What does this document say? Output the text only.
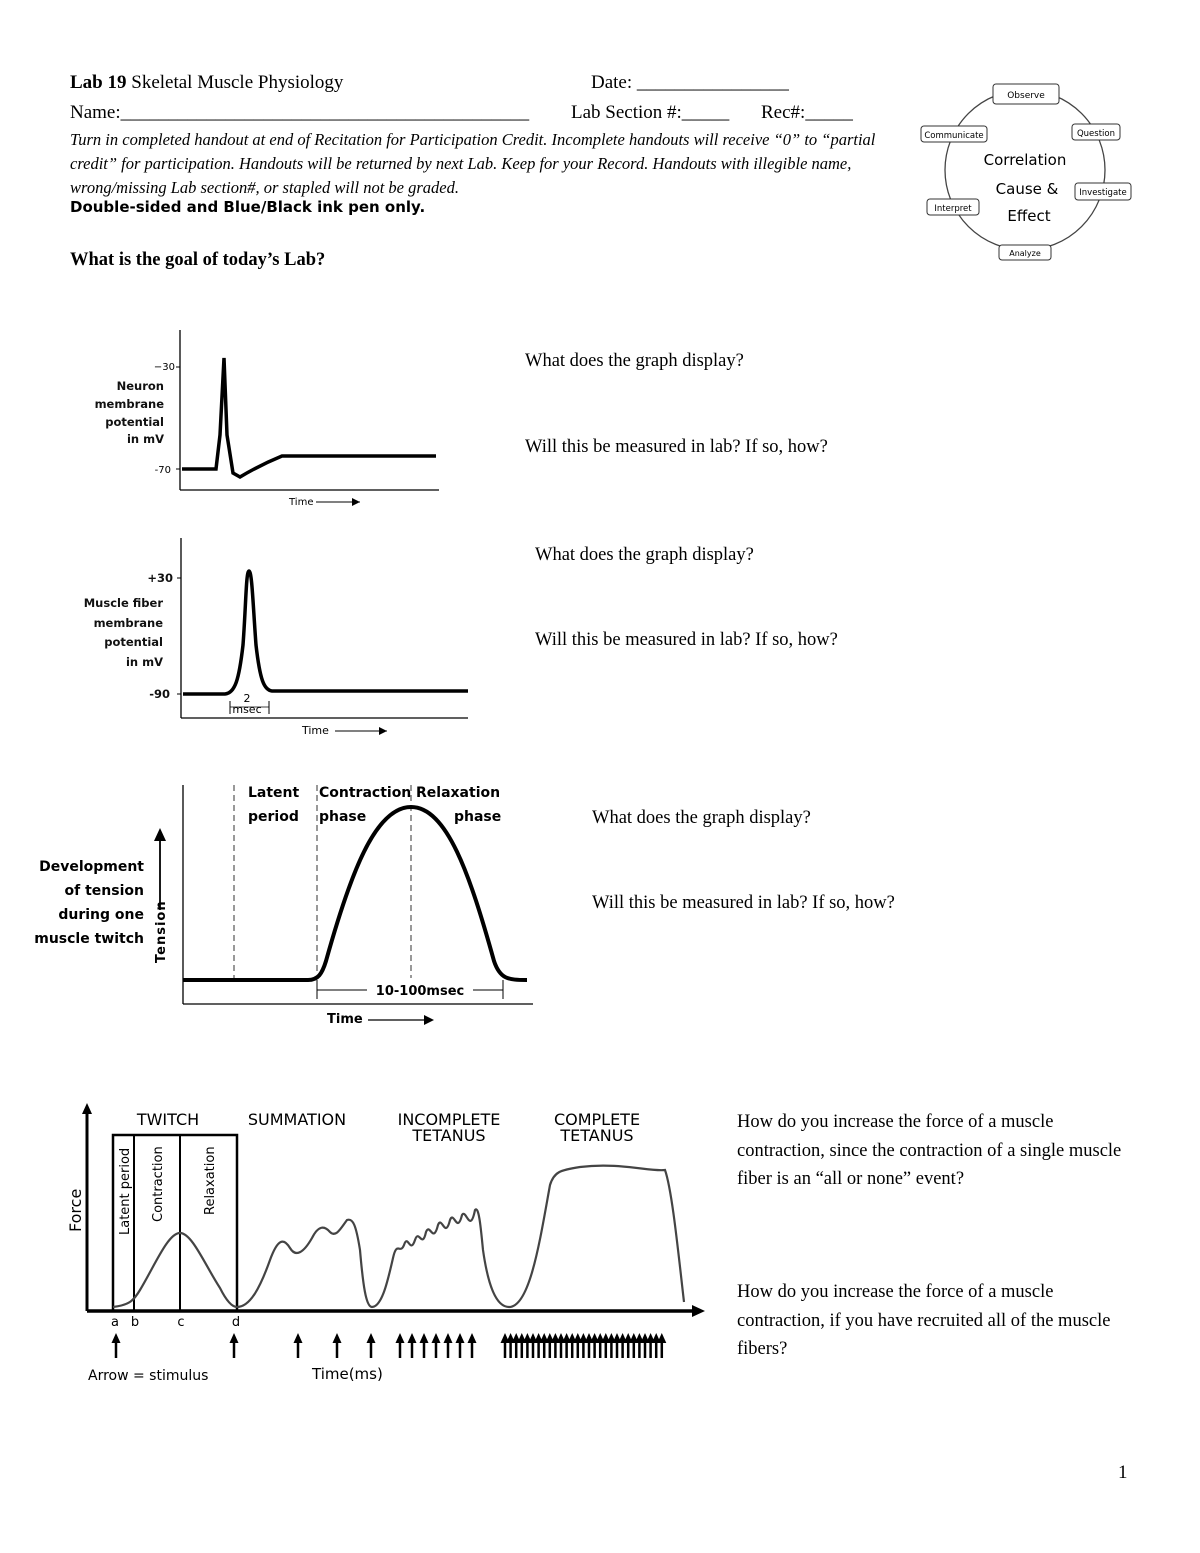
Lab 19 Skeletal Muscle Physiology	Date: ________________
Name:___________________________________________ Lab Section #:_____ Rec#:_____
Turn in completed handout at end of Recitation for Participation Credit. Incomplete handouts will receive “0” to “partial credit” for participation. Handouts will be returned by next Lab. Keep for your Record. Handouts with illegible name, wrong/missing Lab section#, or stapled will not be graded.
Double-sided and Blue/Black ink pen only.
What is the goal of today’s Lab?
Observe
Question
Investigate
Analyze
Interpret
Communicate
Correlation
Cause &
Effect
−30
-70
Neuron
membrane
potential
in mV
Time
+30
-90
Muscle fiber
membrane
potential
in mV
2
msec
Time
Latent
period
Contraction
phase
Relaxation
phase
Development
of tension
during one
muscle twitch Tension
10-100msec
Time
Force	Latent period Contraction	Relaxation
TWITCH	SUMMATION	INCOMPLETE
TETANUS
COMPLETE
TETANUS
a b	c	d
Arrow = stimulus	Time(ms)
What does the graph display?
Will this be measured in lab? If so, how?
What does the graph display?
Will this be measured in lab? If so, how?
What does the graph display?
Will this be measured in lab? If so, how?
How do you increase the force of a muscle contraction, since the contraction of a single muscle fiber is an “all or none” event?
How do you increase the force of a muscle contraction, if you have recruited all of the muscle fibers?
1
